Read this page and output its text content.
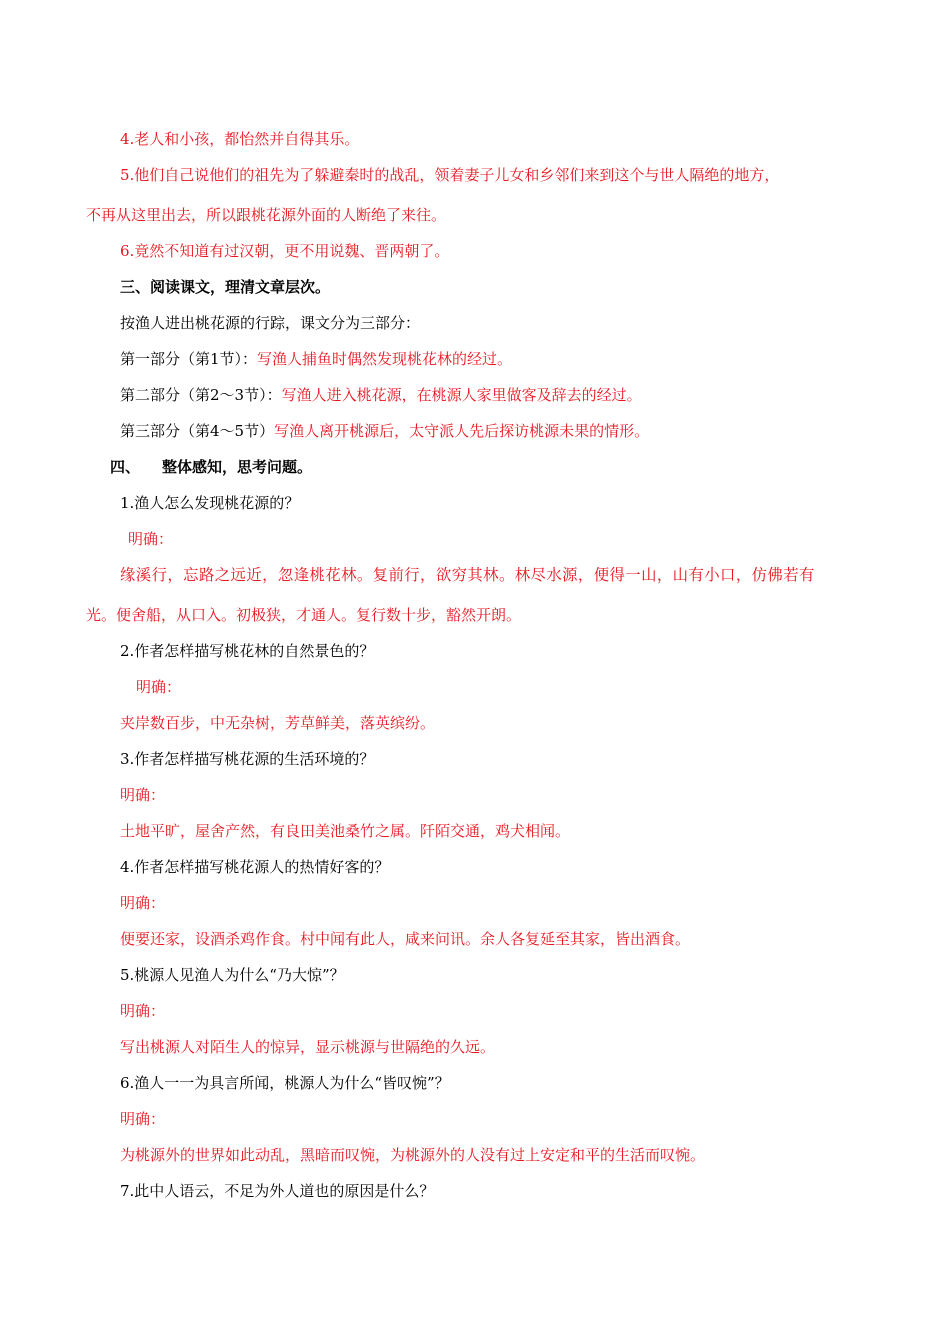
4.老人和小孩，都怡然并自得其乐。
5.他们自己说他们的祖先为了躲避秦时的战乱，领着妻子儿女和乡邻们来到这个与世人隔绝的地方，
不再从这里出去，所以跟桃花源外面的人断绝了来往。
6.竟然不知道有过汉朝，更不用说魏、晋两朝了。
三、阅读课文，理清文章层次。
按渔人进出桃花源的行踪，课文分为三部分：
第一部分（第1节）：写渔人捕鱼时偶然发现桃花林的经过。
第二部分（第2～3节）：写渔人进入桃花源，在桃源人家里做客及辞去的经过。
第三部分（第4～5节）写渔人离开桃源后，太守派人先后探访桃源未果的情形。
四、 整体感知，思考问题。
1.渔人怎么发现桃花源的？
明确：
缘溪行，忘路之远近，忽逢桃花林。复前行，欲穷其林。林尽水源，便得一山，山有小口，仿佛若有
光。便舍船，从口入。初极狭，才通人。复行数十步，豁然开朗。
2.作者怎样描写桃花林的自然景色的？
明确：
夹岸数百步，中无杂树，芳草鲜美，落英缤纷。
3.作者怎样描写桃花源的生活环境的？
明确：
土地平旷，屋舍产然，有良田美池桑竹之属。阡陌交通，鸡犬相闻。
4.作者怎样描写桃花源人的热情好客的？
明确：
便要还家，设酒杀鸡作食。村中闻有此人，咸来问讯。余人各复延至其家，皆出酒食。
5.桃源人见渔人为什么“乃大惊”？
明确：
写出桃源人对陌生人的惊异，显示桃源与世隔绝的久远。
6.渔人一一为具言所闻，桃源人为什么“皆叹惋”？
明确：
为桃源外的世界如此动乱，黑暗而叹惋，为桃源外的人没有过上安定和平的生活而叹惋。
7.此中人语云，不足为外人道也的原因是什么？
